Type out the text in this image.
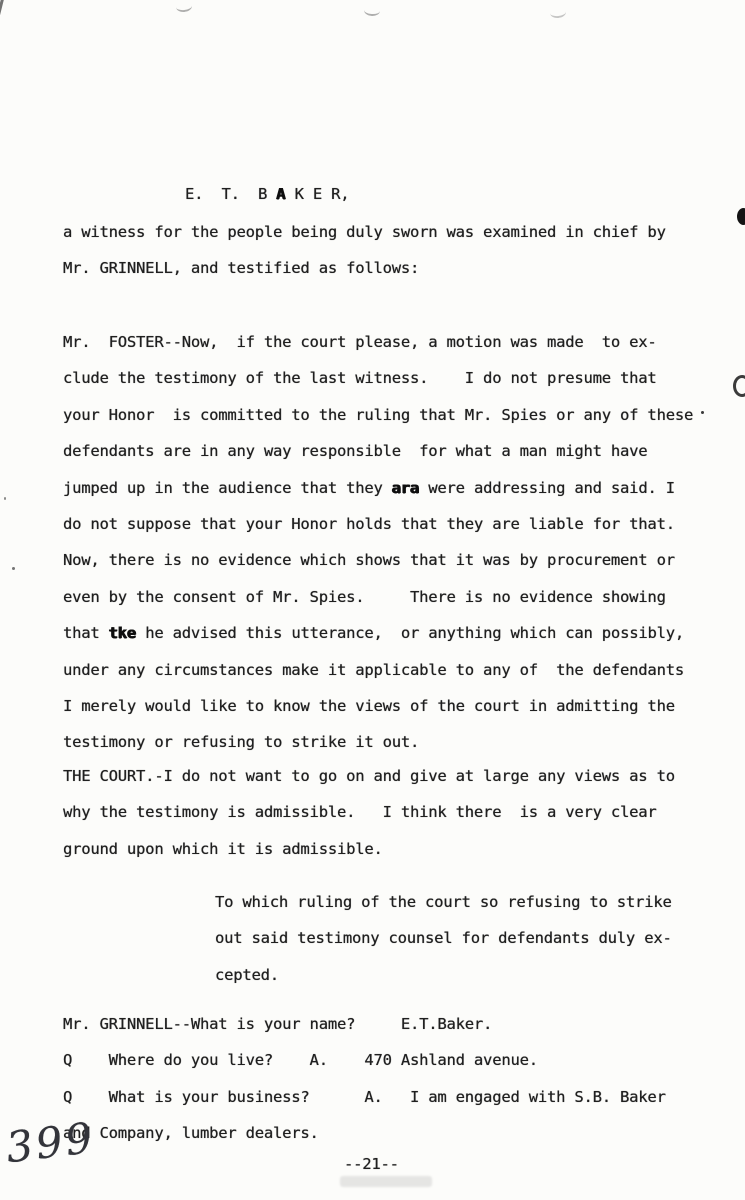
E.  T.  B A K E R,
a witness for the people being duly sworn was examined in chief by
Mr. GRINNELL, and testified as follows:
Mr.  FOSTER--Now,  if the court please, a motion was made  to ex-
clude the testimony of the last witness.    I do not presume that
your Honor  is committed to the ruling that Mr. Spies or any of these
defendants are in any way responsible  for what a man might have
jumped up in the audience that they ara were addressing and said. I
do not suppose that your Honor holds that they are liable for that.
Now, there is no evidence which shows that it was by procurement or
even by the consent of Mr. Spies.     There is no evidence showing
that tke he advised this utterance,  or anything which can possibly,
under any circumstances make it applicable to any of  the defendants
I merely would like to know the views of the court in admitting the
testimony or refusing to strike it out.
THE COURT.-I do not want to go on and give at large any views as to
why the testimony is admissible.   I think there  is a very clear
ground upon which it is admissible.
To which ruling of the court so refusing to strike
out said testimony counsel for defendants duly ex-
cepted.
Mr. GRINNELL--What is your name?     E.T.Baker.
Q    Where do you live?    A.    470 Ashland avenue.
Q    What is your business?      A.   I am engaged with S.B. Baker
and Company, lumber dealers.
--21--
399
